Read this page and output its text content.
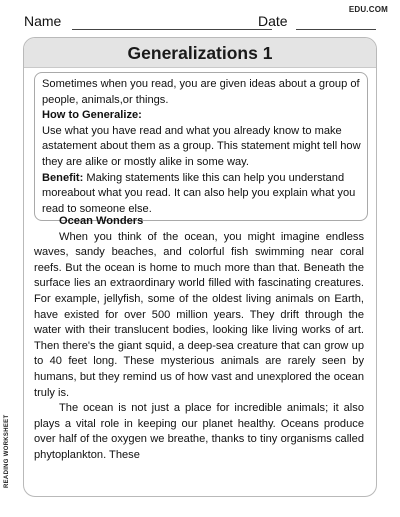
EDU.COM
Name	Date
Generalizations 1

Sometimes when you read, you are given ideas about a group of people, animals,or things.

How to Generalize:

Use what you have read and what you already know to make astatement about them as a group. This statement might tell how they are alike or mostly alike in some way.

Benefit: Making statements like this can help you understand moreabout what you read. It can also help you explain what you read to someone else.

Ocean Wonders

When you think of the ocean, you might imagine endless waves, sandy beaches, and colorful fish swimming near coral reefs. But the ocean is home to much more than that. Beneath the surface lies an extraordinary world filled with fascinating creatures. For example, jellyfish, some of the oldest living animals on Earth, have existed for over 500 million years. They drift through the water with their translucent bodies, looking like living works of art. Then there's the giant squid, a deep-sea creature that can grow up to 40 feet long. These mysterious animals are rarely seen by humans, but they remind us of how vast and unexplored the ocean truly is.

The ocean is not just a place for incredible animals; it also plays a vital role in keeping our planet healthy. Oceans produce over half of the oxygen we breathe, thanks to tiny organisms called phytoplankton. These

READING WORKSHEET
